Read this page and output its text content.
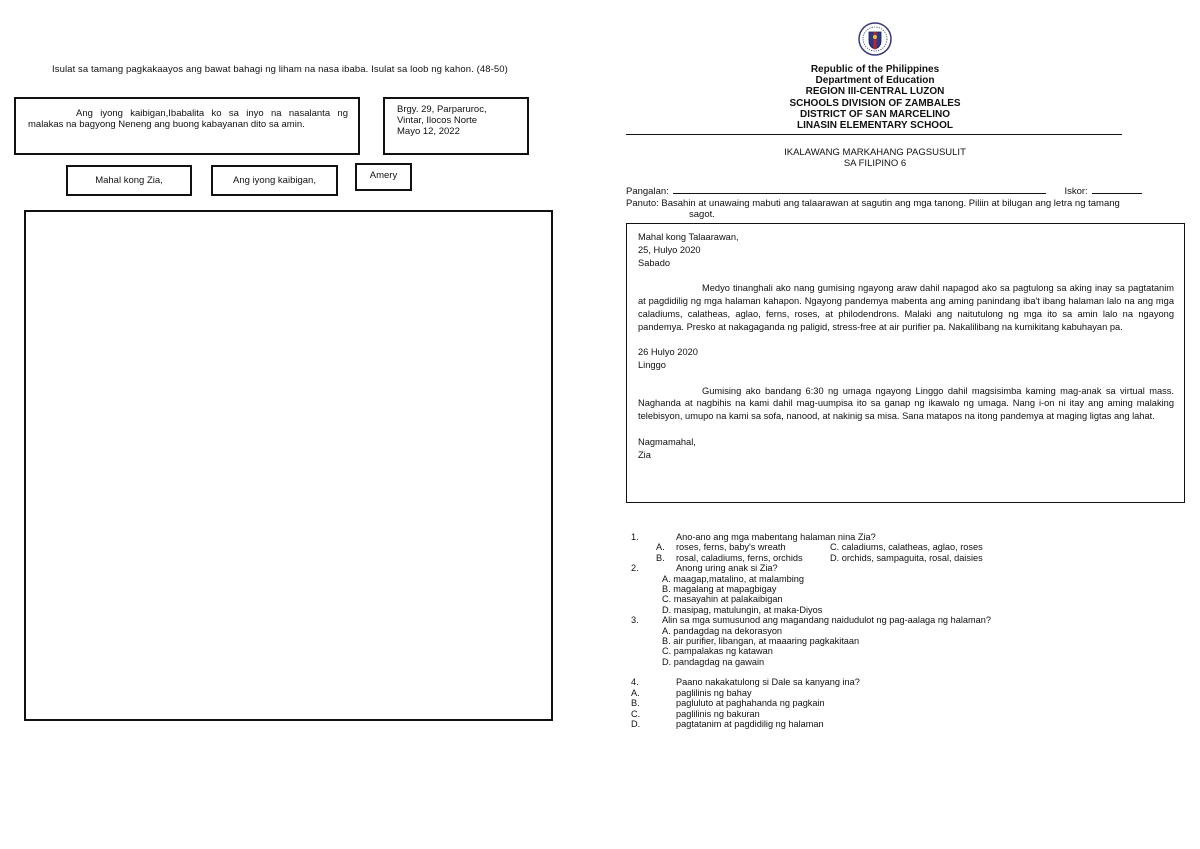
Isulat sa tamang pagkakaayos ang bawat bahagi ng liham na nasa ibaba. Isulat sa loob ng kahon. (48-50)
Ang iyong kaibigan,Ibabalita ko sa inyo na nasalanta ng malakas na bagyong Neneng ang buong kabayanan dito sa amin.
Brgy. 29, Parparuroc,
Vintar, Ilocos Norte
Mayo 12, 2022
Mahal kong Zia,	Ang iyong kaibigan,	Amery
Republic of the Philippines
Department of Education
REGION III-CENTRAL LUZON
SCHOOLS DIVISION OF ZAMBALES
DISTRICT OF SAN MARCELINO
LINASIN ELEMENTARY SCHOOL
IKALAWANG MARKAHANG PAGSUSULIT
SA FILIPINO 6
Pangalan:	Iskor:
Panuto: Basahin at unawaing mabuti ang talaarawan at sagutin ang mga tanong. Piliin at bilugan ang letra ng tamang
sagot.

Mahal kong Talaarawan,

25, Hulyo 2020

Sabado

Medyo tinanghali ako nang gumising ngayong araw dahil napagod ako sa pagtulong sa aking inay sa pagtatanim at pagdidilig ng mga halaman kahapon. Ngayong pandemya mabenta ang aming panindang iba't ibang halaman lalo na ang mga caladiums, calatheas, aglao, ferns, roses, at philodendrons. Malaki ang naitutulong ng mga ito sa amin lalo na ngayong pandemya. Presko at nakagaganda ng paligid, stress-free at air purifier pa. Nakalilibang na kumikitang kabuhayan pa.

26 Hulyo 2020

Linggo

Gumising ako bandang 6:30 ng umaga ngayong Linggo dahil magsisimba kaming mag-anak sa virtual mass. Naghanda at nagbihis na kami dahil mag-uumpisa ito sa ganap ng ikawalo ng umaga. Nang i-on ni itay ang aming malaking telebisyon, umupo na kami sa sofa, nanood, at nakinig sa misa. Sana matapos na itong pandemya at maging ligtas ang lahat.

Nagmamahal,

Zia

1.	Ano-ano ang mga mabentang halaman nina Zia?
A. roses, ferns, baby's wreath	C. caladiums, calatheas, aglao, roses
B. rosal, caladiums, ferns, orchids	D. orchids, sampaguita, rosal, daisies
2.	Anong uring anak si Zia?
A. maagap,matalino, at malambing
B. magalang at mapagbigay
C. masayahin at palakaibigan
D. masipag, matulungin, at maka-Diyos
3.	Alin sa mga sumusunod ang magandang naidudulot ng pag-aalaga ng halaman?
A. pandagdag na dekorasyon
B. air purifier, libangan, at maaaring pagkakitaan
C. pampalakas ng katawan
D. pandagdag na gawain
4.	Paano nakakatulong si Dale sa kanyang ina?
A.	paglilinis ng bahay
B.	pagluluto at paghahanda ng pagkain
C.	paglilinis ng bakuran
D.	pagtatanim at pagdidilig ng halaman
